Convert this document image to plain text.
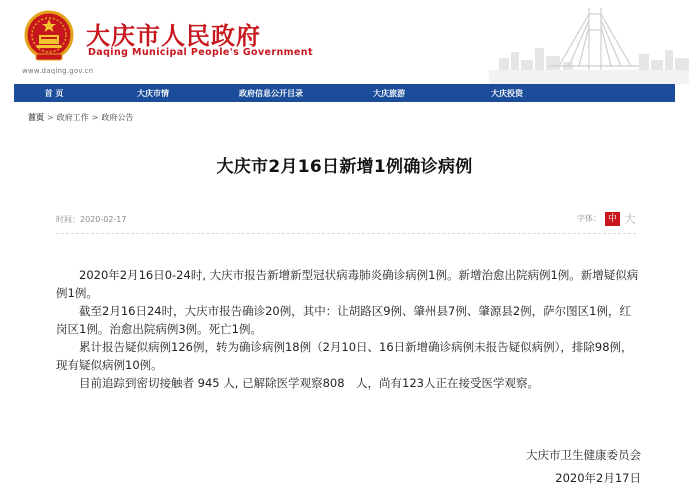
www.daqing.gov.cn
大庆市人民政府
Daqing Municipal People's Government
首 页	大庆市情	政府信息公开目录	大庆旅游	大庆投资
首页 > 政府工作 > 政府公告
大庆市2月16日新增1例确诊病例
时间：2020-02-17	字体： 中 大

2020年2月16日0-24时, 大庆市报告新增新型冠状病毒肺炎确诊病例1例。新增治愈出院病例1例。新增疑似病例1例。

截至2月16日24时，大庆市报告确诊20例，其中：让胡路区9例、肇州县7例、肇源县2例，萨尔图区1例，红岗区1例。治愈出院病例3例。死亡1例。

累计报告疑似病例126例，转为确诊病例18例（2月10日、16日新增确诊病例未报告疑似病例），排除98例，现有疑似病例10例。

目前追踪到密切接触者 945 人, 已解除医学观察808　人，尚有123人正在接受医学观察。

大庆市卫生健康委员会
2020年2月17日
